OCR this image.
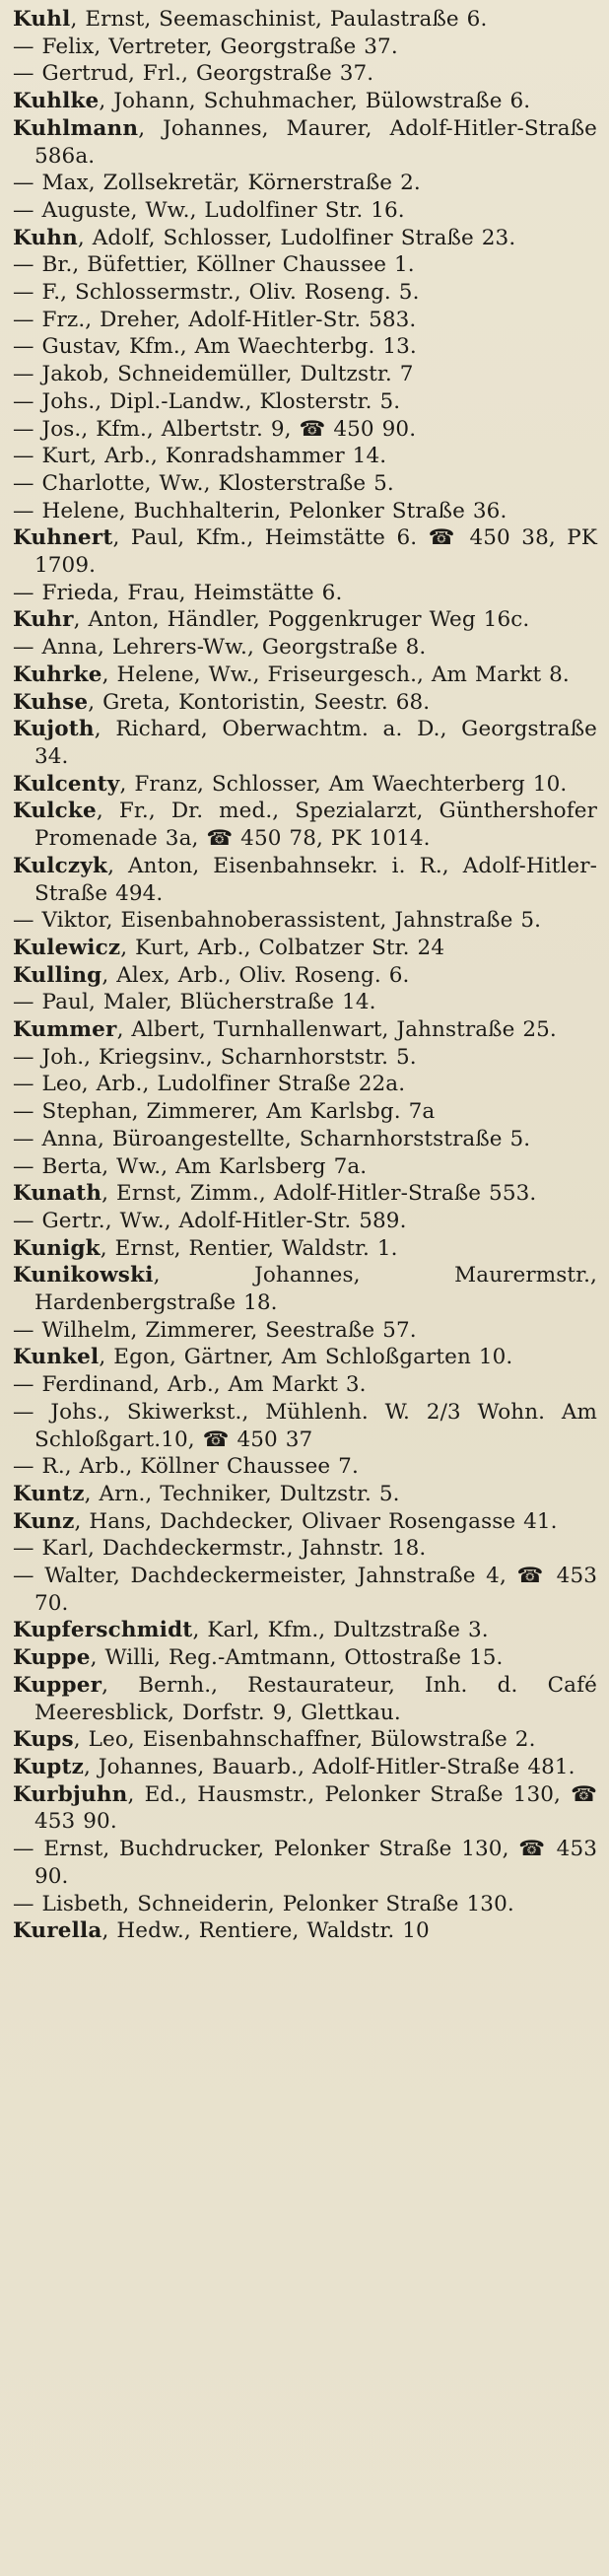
Kuhl, Ernst, Seemaschinist, Paulastraße 6.

— Felix, Vertreter, Georgstraße 37.

— Gertrud, Frl., Georgstraße 37.

Kuhlke, Johann, Schuhmacher, Bülowstraße 6.

Kuhlmann, Johannes, Maurer, Adolf-Hitler-Straße 586a.

— Max, Zollsekretär, Körnerstraße 2.

— Auguste, Ww., Ludolfiner Str. 16.

Kuhn, Adolf, Schlosser, Ludolfiner Straße 23.

— Br., Büfettier, Köllner Chaussee 1.

— F., Schlossermstr., Oliv. Roseng. 5.

— Frz., Dreher, Adolf-Hitler-Str. 583.

— Gustav, Kfm., Am Waechterbg. 13.

— Jakob, Schneidemüller, Dultzstr. 7

— Johs., Dipl.-Landw., Klosterstr. 5.

— Jos., Kfm., Albertstr. 9, ☎ 450 90.

— Kurt, Arb., Konradshammer 14.

— Charlotte, Ww., Klosterstraße 5.

— Helene, Buchhalterin, Pelonker Straße 36.

Kuhnert, Paul, Kfm., Heimstätte 6. ☎ 450 38, PK 1709.

— Frieda, Frau, Heimstätte 6.

Kuhr, Anton, Händler, Poggenkruger Weg 16c.

— Anna, Lehrers-Ww., Georgstraße 8.

Kuhrke, Helene, Ww., Friseurgesch., Am Markt 8.

Kuhse, Greta, Kontoristin, Seestr. 68.

Kujoth, Richard, Oberwachtm. a. D., Georgstraße 34.

Kulcenty, Franz, Schlosser, Am Waechterberg 10.

Kulcke, Fr., Dr. med., Spezialarzt, Günthershofer Promenade 3a, ☎ 450 78, PK 1014.

Kulczyk, Anton, Eisenbahnsekr. i. R., Adolf-Hitler-Straße 494.

— Viktor, Eisenbahnoberassistent, Jahnstraße 5.

Kulewicz, Kurt, Arb., Colbatzer Str. 24

Kulling, Alex, Arb., Oliv. Roseng. 6.

— Paul, Maler, Blücherstraße 14.

Kummer, Albert, Turnhallenwart, Jahnstraße 25.

— Joh., Kriegsinv., Scharnhorststr. 5.

— Leo, Arb., Ludolfiner Straße 22a.

— Stephan, Zimmerer, Am Karlsbg. 7a

— Anna, Büroangestellte, Scharnhorststraße 5.

— Berta, Ww., Am Karlsberg 7a.

Kunath, Ernst, Zimm., Adolf-Hitler-Straße 553.

— Gertr., Ww., Adolf-Hitler-Str. 589.

Kunigk, Ernst, Rentier, Waldstr. 1.

Kunikowski, Johannes, Maurermstr., Hardenbergstraße 18.

— Wilhelm, Zimmerer, Seestraße 57.

Kunkel, Egon, Gärtner, Am Schloßgarten 10.

— Ferdinand, Arb., Am Markt 3.

— Johs., Skiwerkst., Mühlenh. W. 2/3 Wohn. Am Schloßgart.10, ☎ 450 37

— R., Arb., Köllner Chaussee 7.

Kuntz, Arn., Techniker, Dultzstr. 5.

Kunz, Hans, Dachdecker, Olivaer Rosengasse 41.

— Karl, Dachdeckermstr., Jahnstr. 18.

— Walter, Dachdeckermeister, Jahnstraße 4, ☎ 453 70.

Kupferschmidt, Karl, Kfm., Dultzstraße 3.

Kuppe, Willi, Reg.-Amtmann, Ottostraße 15.

Kupper, Bernh., Restaurateur, Inh. d. Café Meeresblick, Dorfstr. 9, Glettkau.

Kups, Leo, Eisenbahnschaffner, Bülowstraße 2.

Kuptz, Johannes, Bauarb., Adolf-Hitler-Straße 481.

Kurbjuhn, Ed., Hausmstr., Pelonker Straße 130, ☎ 453 90.

— Ernst, Buchdrucker, Pelonker Straße 130, ☎ 453 90.

— Lisbeth, Schneiderin, Pelonker Straße 130.

Kurella, Hedw., Rentiere, Waldstr. 10
